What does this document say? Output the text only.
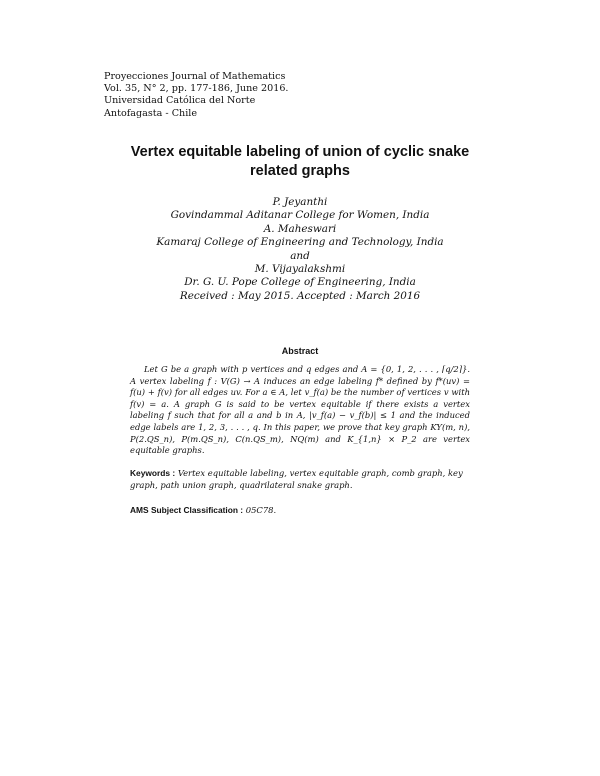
Proyecciones Journal of Mathematics
Vol. 35, N° 2, pp. 177-186, June 2016.
Universidad Católica del Norte
Antofagasta - Chile
Vertex equitable labeling of union of cyclic snake
related graphs
P. Jeyanthi
Govindammal Aditanar College for Women, India
A. Maheswari
Kamaraj College of Engineering and Technology, India
and
M. Vijayalakshmi
Dr. G. U. Pope College of Engineering, India
Received : May 2015. Accepted : March 2016
Abstract
Let G be a graph with p vertices and q edges and A = {0, 1, 2, . . . , ⌈q/2⌉}. A vertex labeling f : V(G) → A induces an edge labeling f* defined by f*(uv) = f(u) + f(v) for all edges uv. For a ∈ A, let v_f(a) be the number of vertices v with f(v) = a. A graph G is said to be vertex equitable if there exists a vertex labeling f such that for all a and b in A, |v_f(a) − v_f(b)| ≤ 1 and the induced edge labels are 1, 2, 3, . . . , q. In this paper, we prove that key graph KY(m, n), P(2.QS_n), P(m.QS_n), C(n.QS_m), NQ(m) and K_{1,n} × P_2 are vertex equitable graphs.
Keywords : Vertex equitable labeling, vertex equitable graph, comb graph, key graph, path union graph, quadrilateral snake graph.
AMS Subject Classification : 05C78.
